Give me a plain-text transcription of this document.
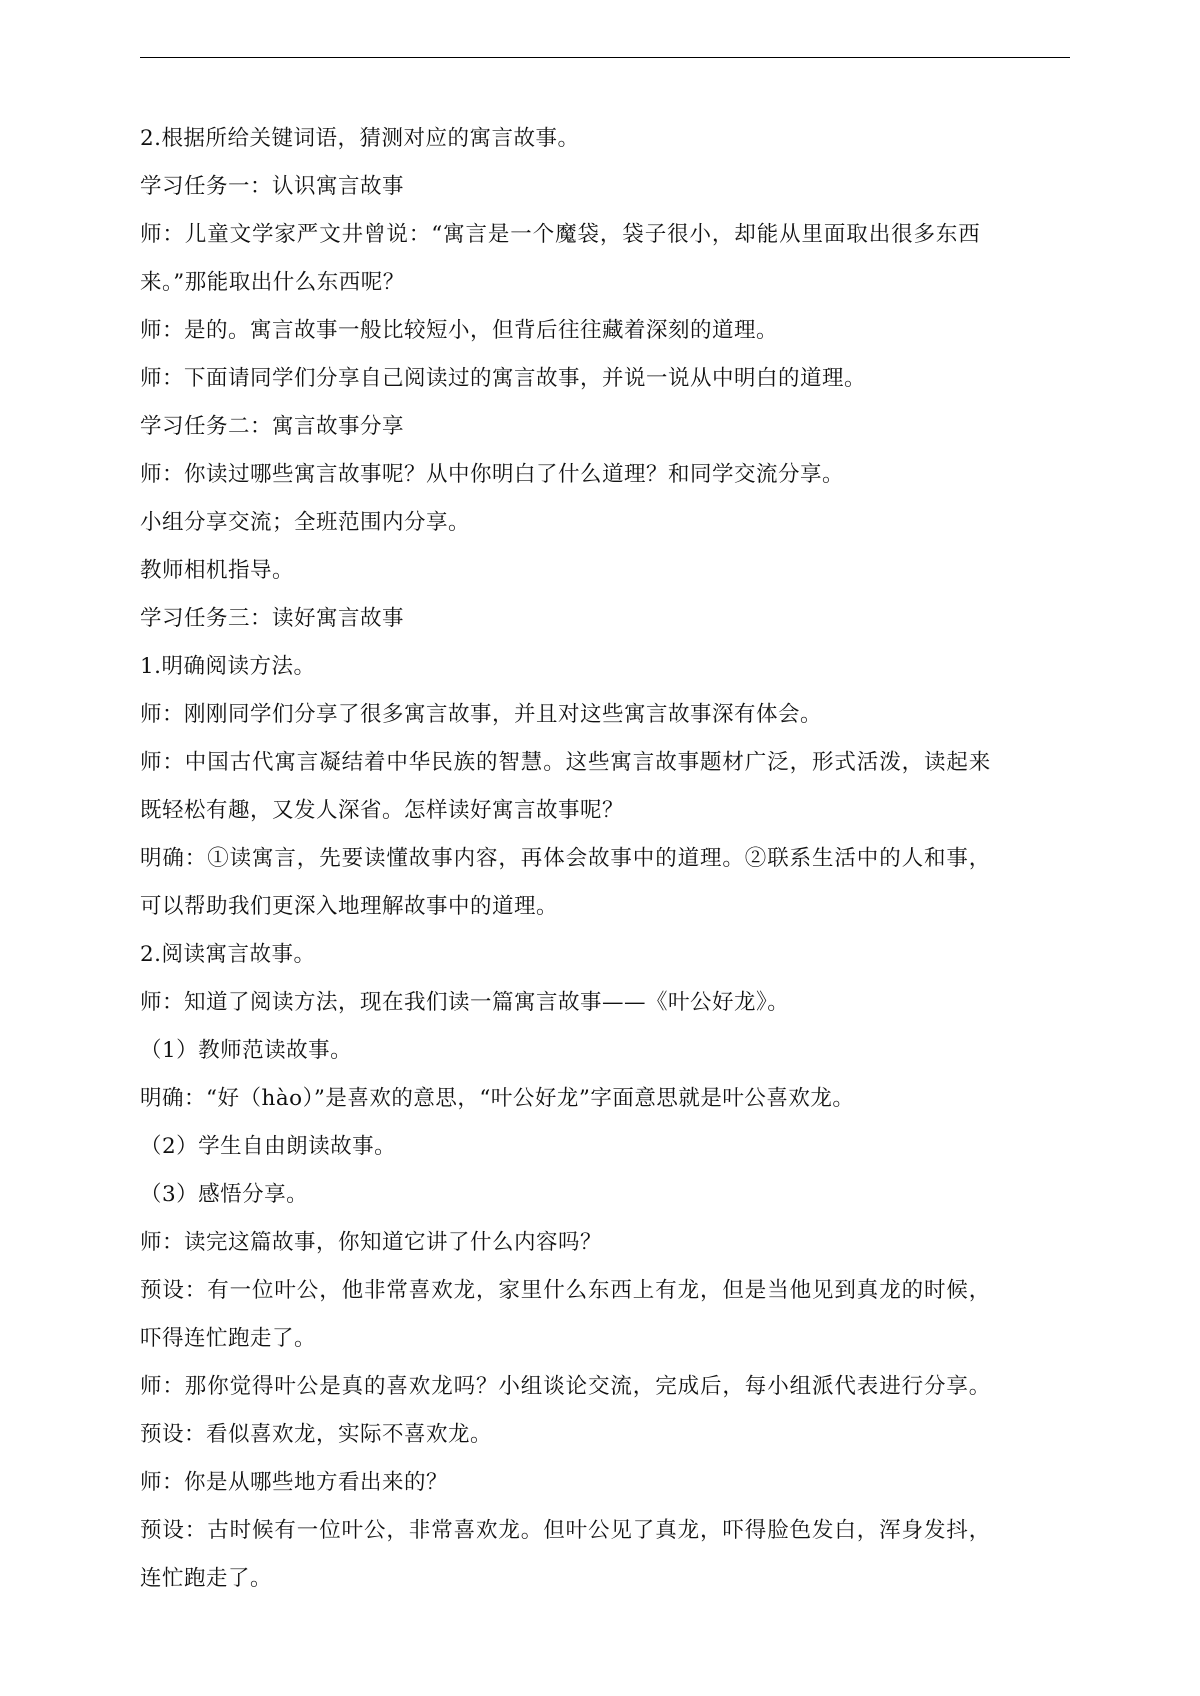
2.根据所给关键词语，猜测对应的寓言故事。
学习任务一：认识寓言故事
师：儿童文学家严文井曾说：“寓言是一个魔袋，袋子很小，却能从里面取出很多东西
来。”那能取出什么东西呢？
师：是的。寓言故事一般比较短小，但背后往往藏着深刻的道理。
师：下面请同学们分享自己阅读过的寓言故事，并说一说从中明白的道理。
学习任务二：寓言故事分享
师：你读过哪些寓言故事呢？从中你明白了什么道理？和同学交流分享。
小组分享交流；全班范围内分享。
教师相机指导。
学习任务三：读好寓言故事
1.明确阅读方法。
师：刚刚同学们分享了很多寓言故事，并且对这些寓言故事深有体会。
师：中国古代寓言凝结着中华民族的智慧。这些寓言故事题材广泛，形式活泼，读起来
既轻松有趣，又发人深省。怎样读好寓言故事呢？
明确：①读寓言，先要读懂故事内容，再体会故事中的道理。②联系生活中的人和事，
可以帮助我们更深入地理解故事中的道理。
2.阅读寓言故事。
师：知道了阅读方法，现在我们读一篇寓言故事——《叶公好龙》。
（1）教师范读故事。
明确：“好（hào）”是喜欢的意思，“叶公好龙”字面意思就是叶公喜欢龙。
（2）学生自由朗读故事。
（3）感悟分享。
师：读完这篇故事，你知道它讲了什么内容吗？
预设：有一位叶公，他非常喜欢龙，家里什么东西上有龙，但是当他见到真龙的时候，
吓得连忙跑走了。
师：那你觉得叶公是真的喜欢龙吗？小组谈论交流，完成后，每小组派代表进行分享。
预设：看似喜欢龙，实际不喜欢龙。
师：你是从哪些地方看出来的？
预设：古时候有一位叶公，非常喜欢龙。但叶公见了真龙，吓得脸色发白，浑身发抖，
连忙跑走了。
